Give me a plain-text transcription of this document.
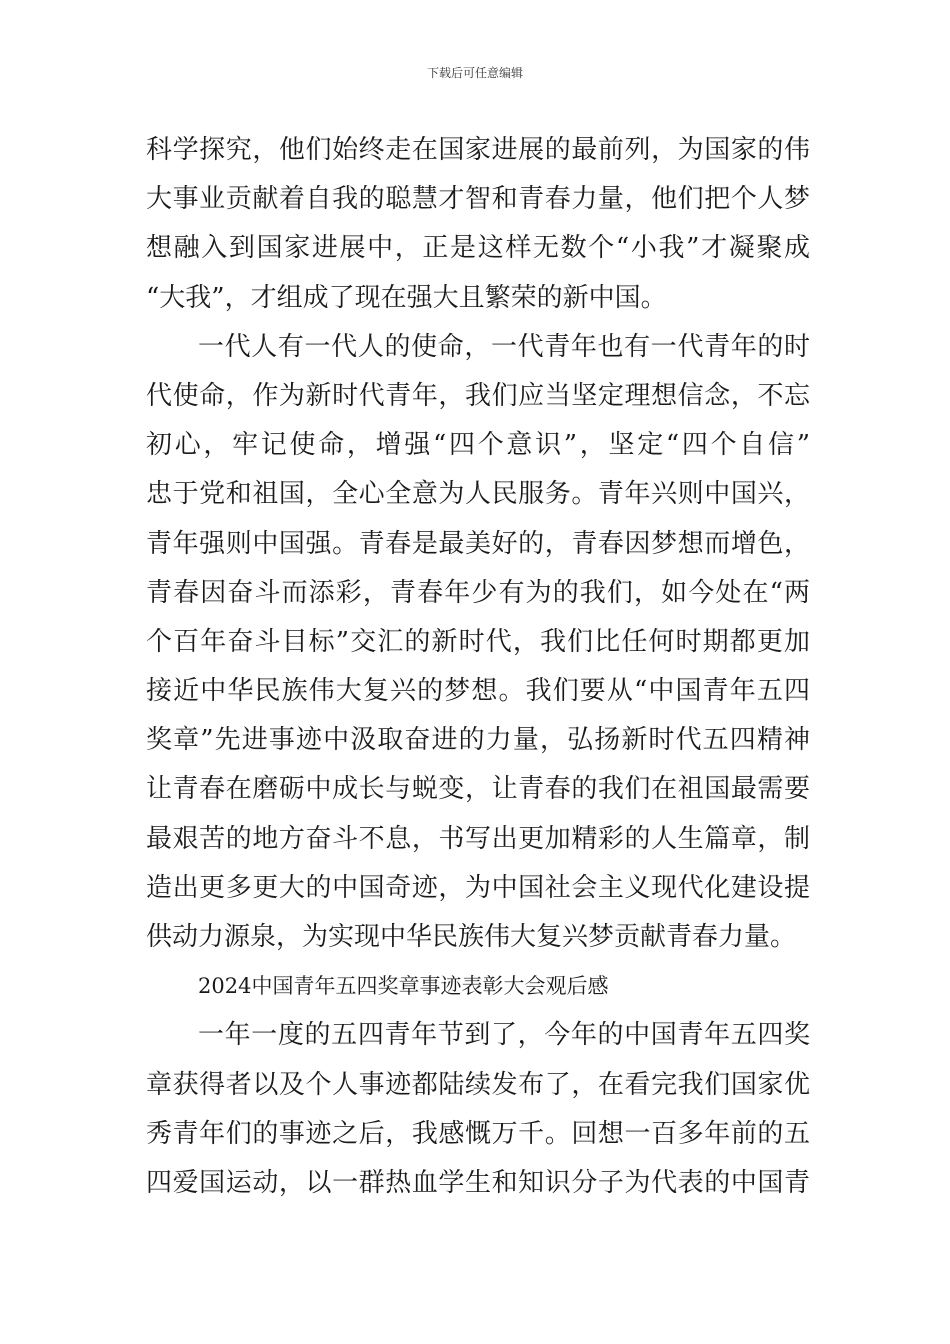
下载后可任意编辑
科学探究，他们始终走在国家进展的最前列，为国家的伟
大事业贡献着自我的聪慧才智和青春力量，他们把个人梦
想融入到国家进展中，正是这样无数个“小我”才凝聚成
“大我”，才组成了现在强大且繁荣的新中国。
一代人有一代人的使命，一代青年也有一代青年的时
代使命，作为新时代青年，我们应当坚定理想信念，不忘
初心，牢记使命，增强“四个意识”，坚定“四个自信”
忠于党和祖国，全心全意为人民服务。青年兴则中国兴，
青年强则中国强。青春是最美好的，青春因梦想而增色，
青春因奋斗而添彩，青春年少有为的我们，如今处在“两
个百年奋斗目标”交汇的新时代，我们比任何时期都更加
接近中华民族伟大复兴的梦想。我们要从“中国青年五四
奖章”先进事迹中汲取奋进的力量，弘扬新时代五四精神
让青春在磨砺中成长与蜕变，让青春的我们在祖国最需要
最艰苦的地方奋斗不息，书写出更加精彩的人生篇章，制
造出更多更大的中国奇迹，为中国社会主义现代化建设提
供动力源泉，为实现中华民族伟大复兴梦贡献青春力量。
2024中国青年五四奖章事迹表彰大会观后感
一年一度的五四青年节到了，今年的中国青年五四奖
章获得者以及个人事迹都陆续发布了，在看完我们国家优
秀青年们的事迹之后，我感慨万千。回想一百多年前的五
四爱国运动，以一群热血学生和知识分子为代表的中国青
